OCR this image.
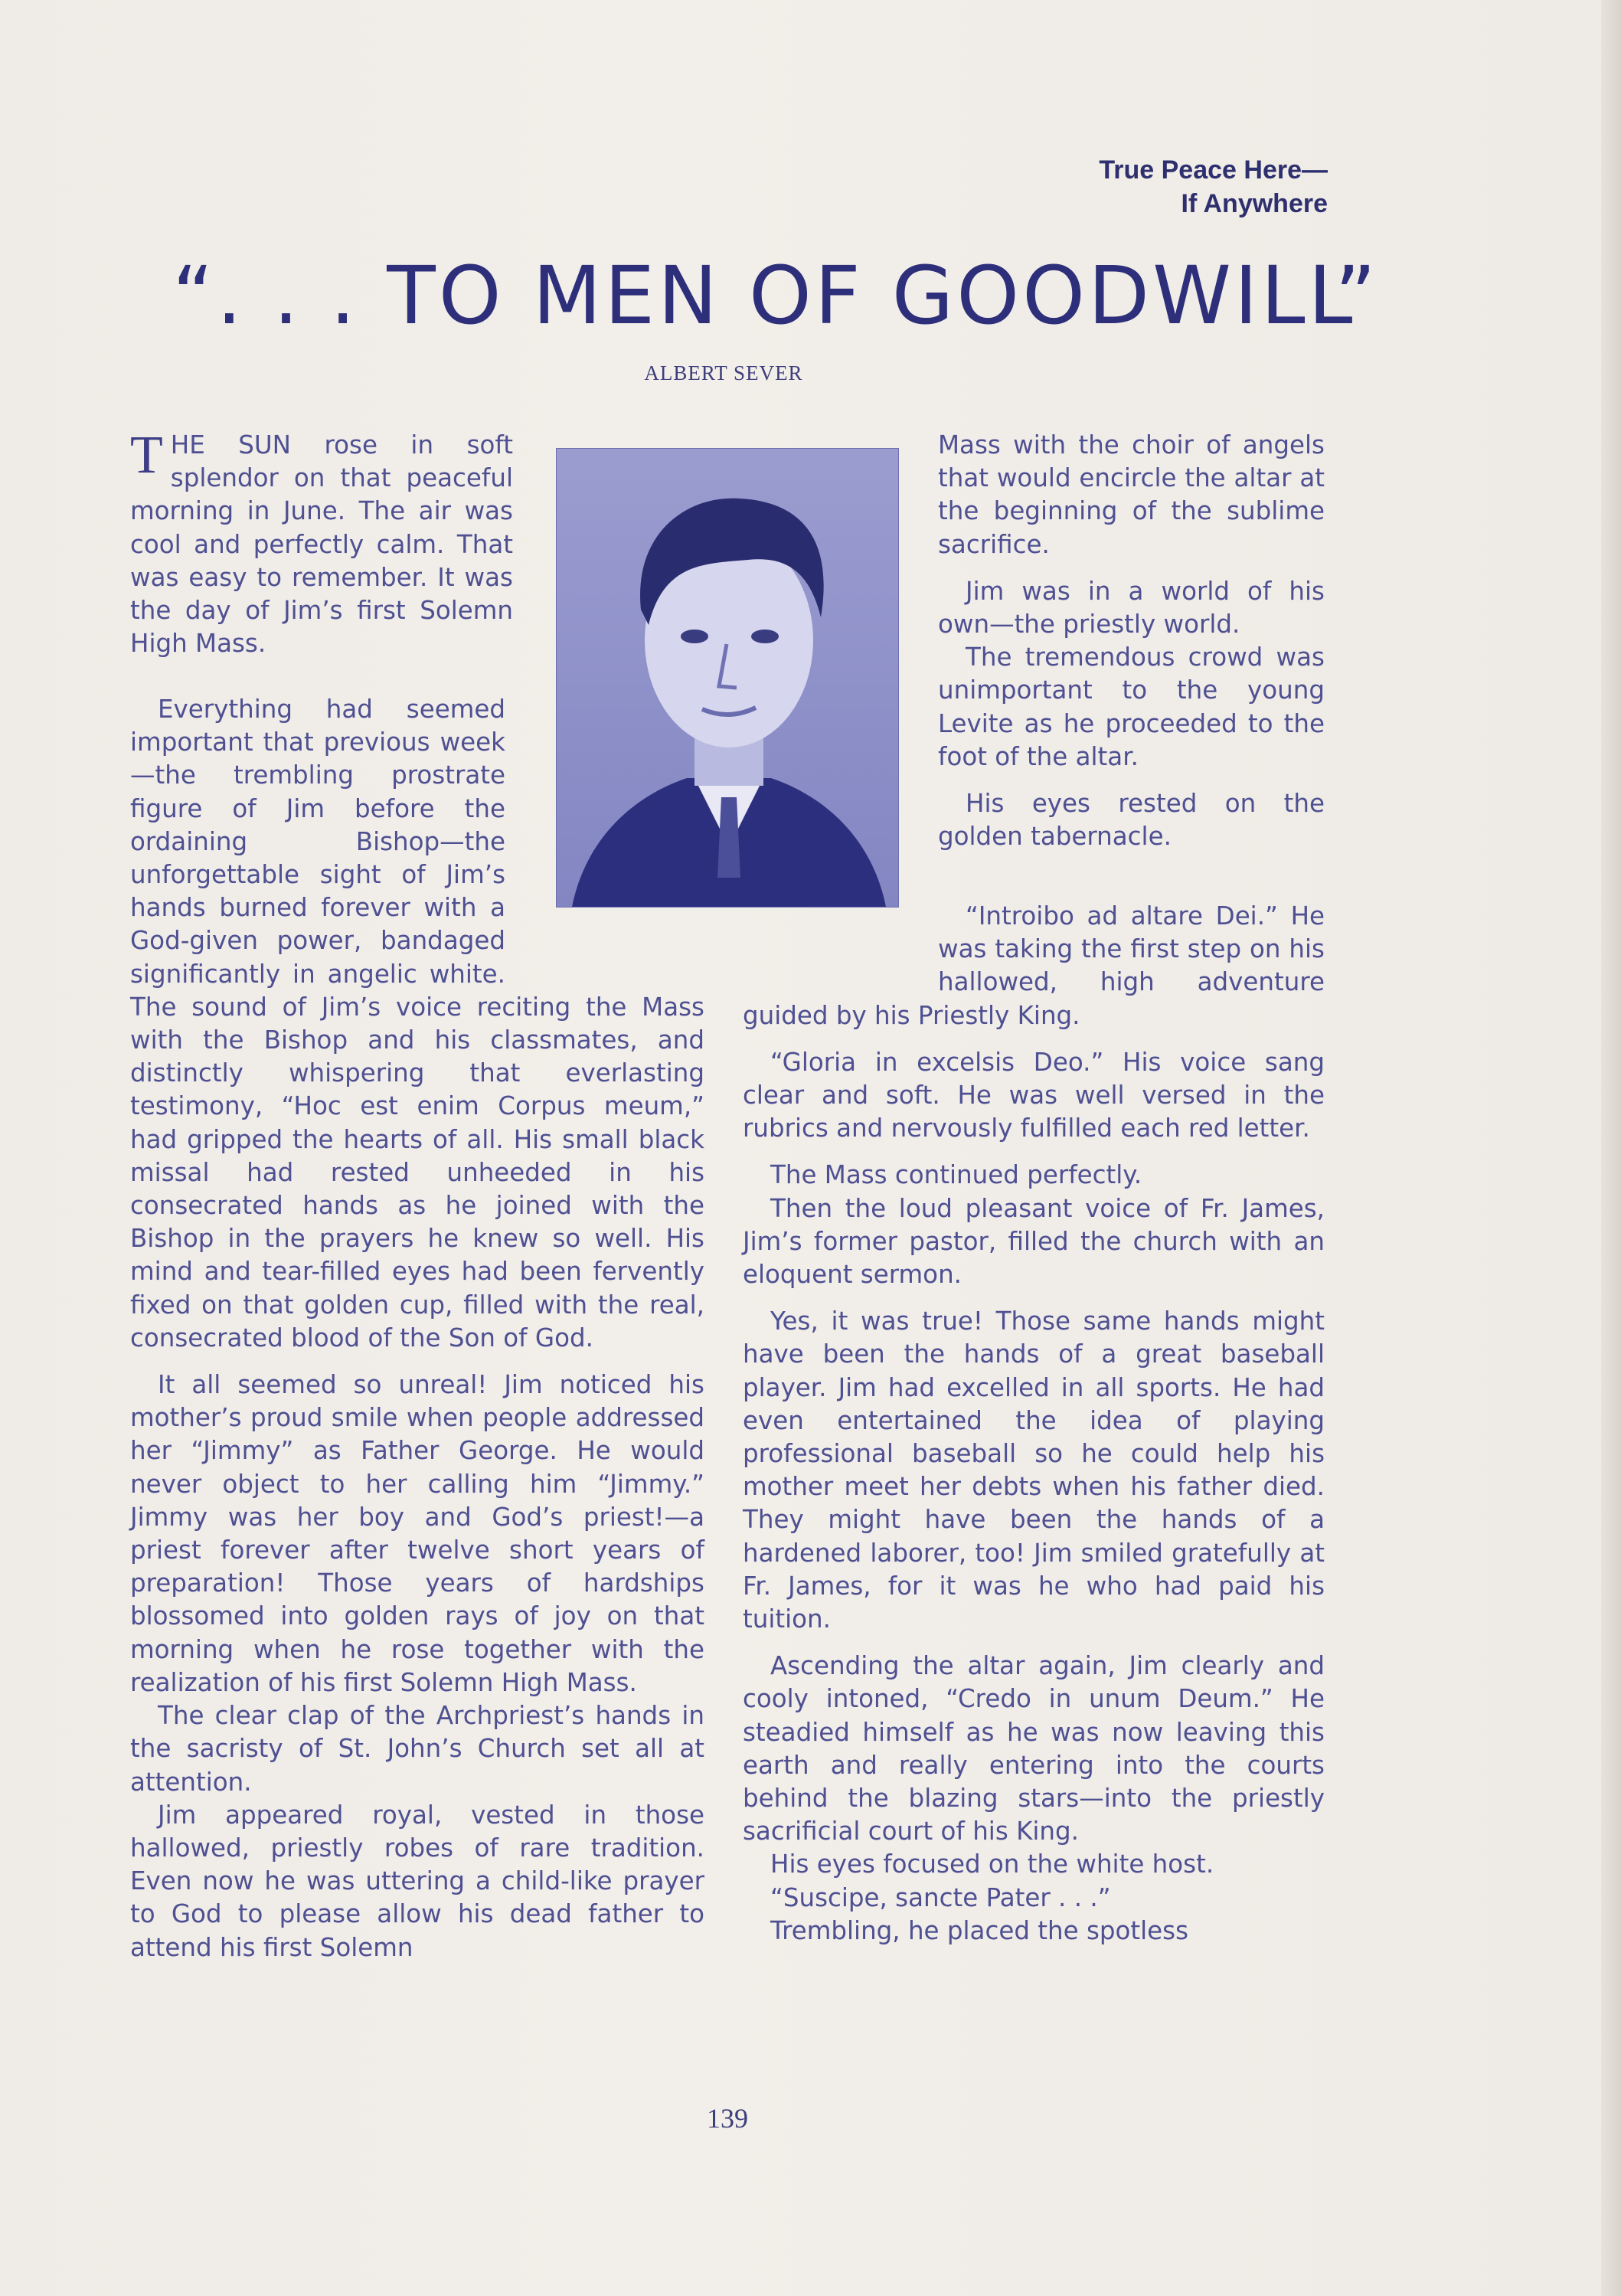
True Peace Here—
If Anywhere
“. . . TO MEN OF GOODWILL”
ALBERT SEVER

THE SUN rose in soft splendor on that peaceful morning in June. The air was cool and perfectly calm. That was easy to remember. It was the day of Jim’s first Solemn High Mass.

Everything had seemed important that previous week—the trembling prostrate figure of Jim before the ordaining Bishop—the unforgettable sight of Jim’s hands burned forever with a God-given power, bandaged significantly in angelic white. The sound of Jim’s voice reciting the Mass with the Bishop and his classmates, and distinctly whispering that everlasting testimony, “Hoc est enim Corpus meum,” had gripped the hearts of all. His small black missal had rested unheeded in his consecrated hands as he joined with the Bishop in the prayers he knew so well. His mind and tear-filled eyes had been fervently fixed on that golden cup, filled with the real, consecrated blood of the Son of God.

It all seemed so unreal! Jim noticed his mother’s proud smile when people addressed her “Jimmy” as Father George. He would never object to her calling him “Jimmy.” Jimmy was her boy and God’s priest!—a priest forever after twelve short years of preparation! Those years of hardships blossomed into golden rays of joy on that morning when he rose together with the realization of his first Solemn High Mass.

The clear clap of the Archpriest’s hands in the sacristy of St. John’s Church set all at attention.

Jim appeared royal, vested in those hallowed, priestly robes of rare tradition. Even now he was uttering a child-like prayer to God to please allow his dead father to attend his first Solemn

Mass with the choir of angels that would encircle the altar at the beginning of the sublime sacrifice.

Jim was in a world of his own—the priestly world.

The tremendous crowd was unimportant to the young Levite as he proceeded to the foot of the altar.

His eyes rested on the golden tabernacle.

“Introibo ad altare Dei.” He was taking the first step on his hallowed, high adventure guided by his Priestly King.

“Gloria in excelsis Deo.” His voice sang clear and soft. He was well versed in the rubrics and nervously fulfilled each red letter.

The Mass continued perfectly.

Then the loud pleasant voice of Fr. James, Jim’s former pastor, filled the church with an eloquent sermon.

Yes, it was true! Those same hands might have been the hands of a great baseball player. Jim had excelled in all sports. He had even entertained the idea of playing professional baseball so he could help his mother meet her debts when his father died. They might have been the hands of a hardened laborer, too! Jim smiled gratefully at Fr. James, for it was he who had paid his tuition.

Ascending the altar again, Jim clearly and cooly intoned, “Credo in unum Deum.” He steadied himself as he was now leaving this earth and really entering into the courts behind the blazing stars—into the priestly sacrificial court of his King.

His eyes focused on the white host.

“Suscipe, sancte Pater . . .”

Trembling, he placed the spotless

139
